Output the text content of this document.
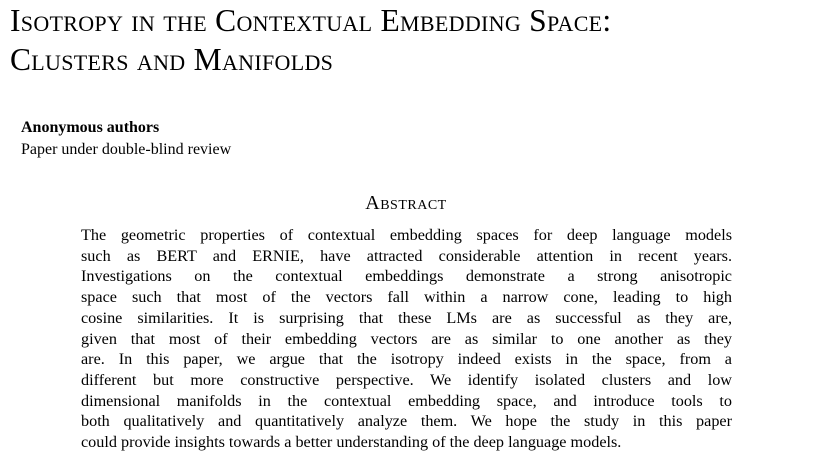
Isotropy in the Contextual Embedding Space:
Clusters and Manifolds
Anonymous authors
Paper under double-blind review
Abstract
The geometric properties of contextual embedding spaces for deep language models
such as BERT and ERNIE, have attracted considerable attention in recent years.
Investigations on the contextual embeddings demonstrate a strong anisotropic
space such that most of the vectors fall within a narrow cone, leading to high
cosine similarities. It is surprising that these LMs are as successful as they are,
given that most of their embedding vectors are as similar to one another as they
are. In this paper, we argue that the isotropy indeed exists in the space, from a
different but more constructive perspective. We identify isolated clusters and low
dimensional manifolds in the contextual embedding space, and introduce tools to
both qualitatively and quantitatively analyze them. We hope the study in this paper
could provide insights towards a better understanding of the deep language models.
